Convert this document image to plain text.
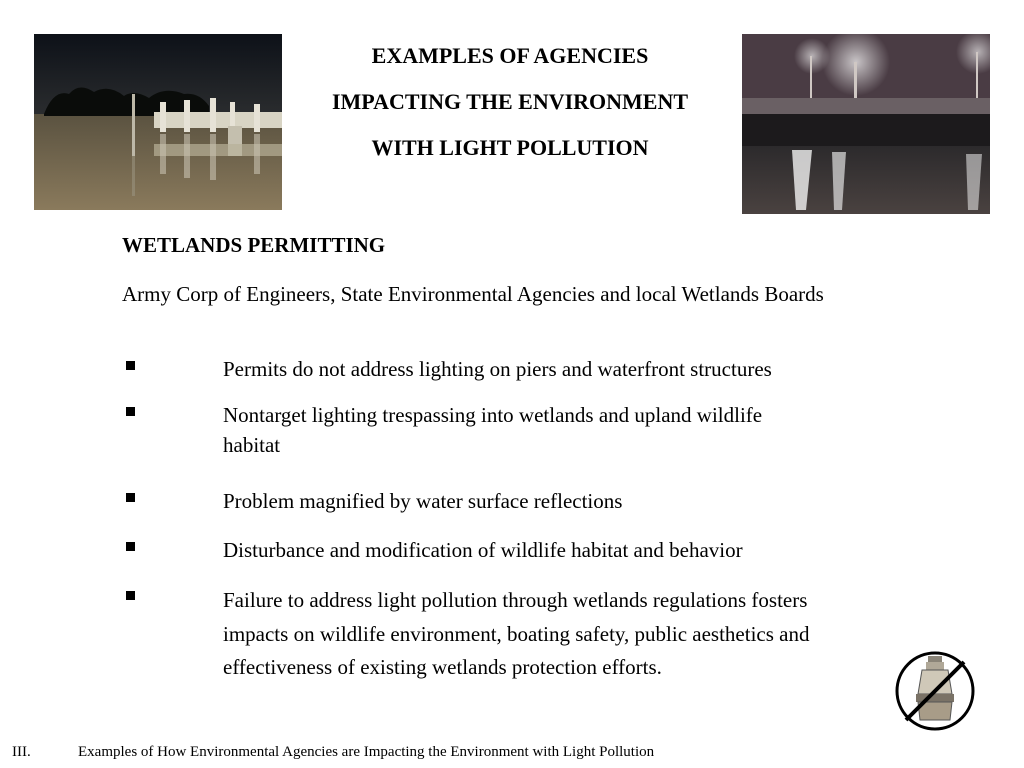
EXAMPLES OF AGENCIES
IMPACTING THE ENVIRONMENT
WITH LIGHT POLLUTION
WETLANDS PERMITTING
Army Corp of Engineers, State Environmental Agencies and local Wetlands Boards
Permits do not address lighting on piers and waterfront structures
Nontarget lighting trespassing into wetlands and upland wildlife habitat
Problem magnified by water surface reflections
Disturbance and modification of wildlife habitat and behavior
Failure to address light pollution through wetlands regulations fosters impacts on wildlife environment, boating safety, public aesthetics and effectiveness of existing wetlands protection efforts.
III.	Examples of How Environmental Agencies are Impacting the Environment with Light Pollution
